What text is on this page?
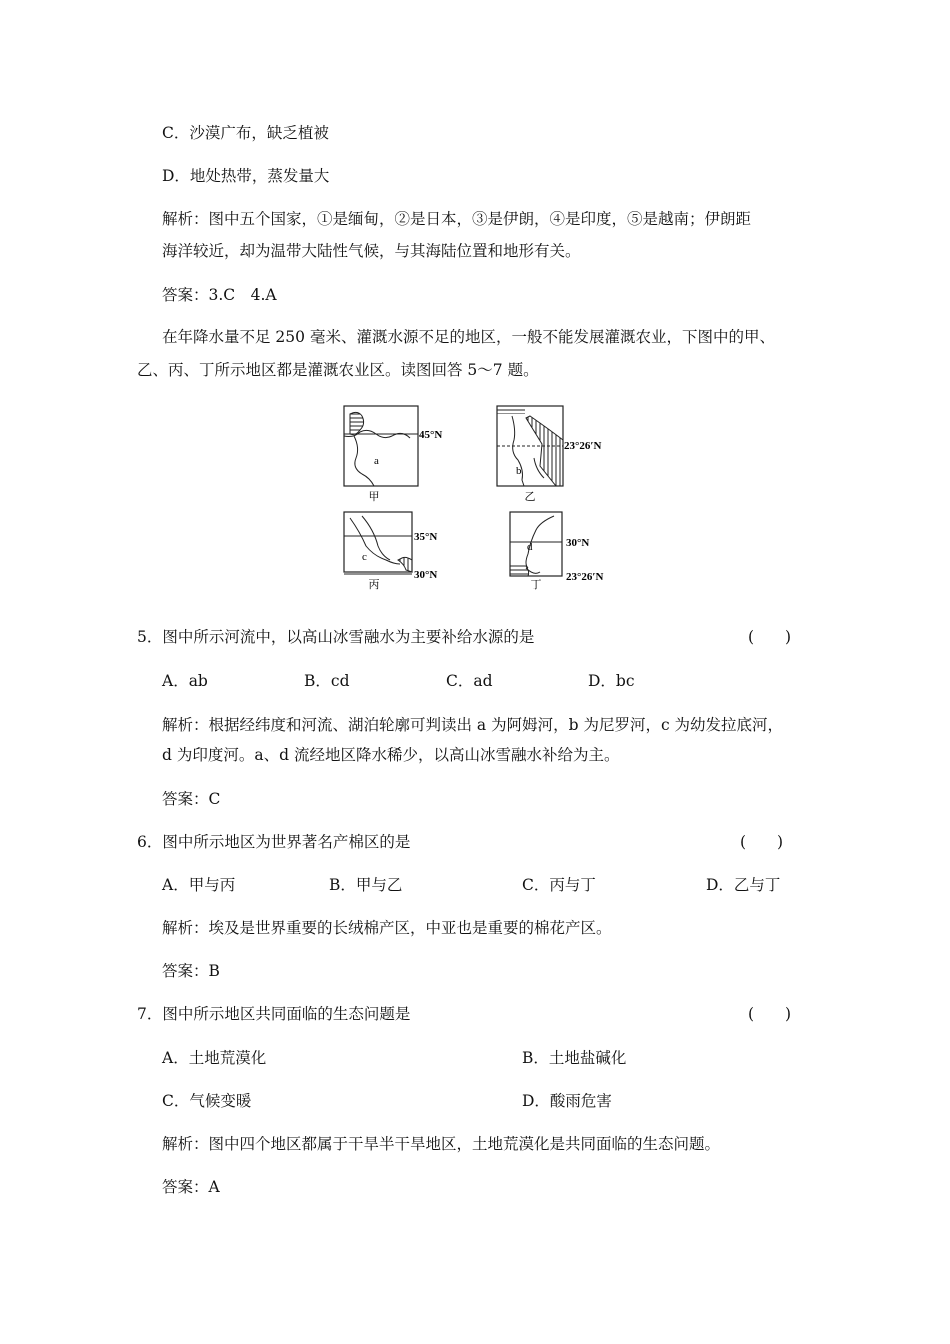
C．沙漠广布，缺乏植被
D．地处热带，蒸发量大
解析：图中五个国家，①是缅甸，②是日本，③是伊朗，④是印度，⑤是越南；伊朗距
海洋较近，却为温带大陆性气候，与其海陆位置和地形有关。
答案：3.C　4.A
在年降水量不足 250 毫米、灌溉水源不足的地区，一般不能发展灌溉农业，下图中的甲、
乙、丙、丁所示地区都是灌溉农业区。读图回答 5～7 题。
a
45°N
甲
b
23°26′N
乙
c
35°N
30°N
丙
d	30°N
23°26′N
丁
5．图中所示河流中，以高山冰雪融水为主要补给水源的是	(　　)
A．ab	B．cd	C．ad	D．bc
解析：根据经纬度和河流、湖泊轮廓可判读出 a 为阿姆河，b 为尼罗河，c 为幼发拉底河，
d 为印度河。a、d 流经地区降水稀少，以高山冰雪融水补给为主。
答案：C
6．图中所示地区为世界著名产棉区的是	(　　)
A．甲与丙	B．甲与乙	C．丙与丁	D．乙与丁
解析：埃及是世界重要的长绒棉产区，中亚也是重要的棉花产区。
答案：B
7．图中所示地区共同面临的生态问题是	(　　)
A．土地荒漠化	B．土地盐碱化
C．气候变暖	D．酸雨危害
解析：图中四个地区都属于干旱半干旱地区，土地荒漠化是共同面临的生态问题。
答案：A
